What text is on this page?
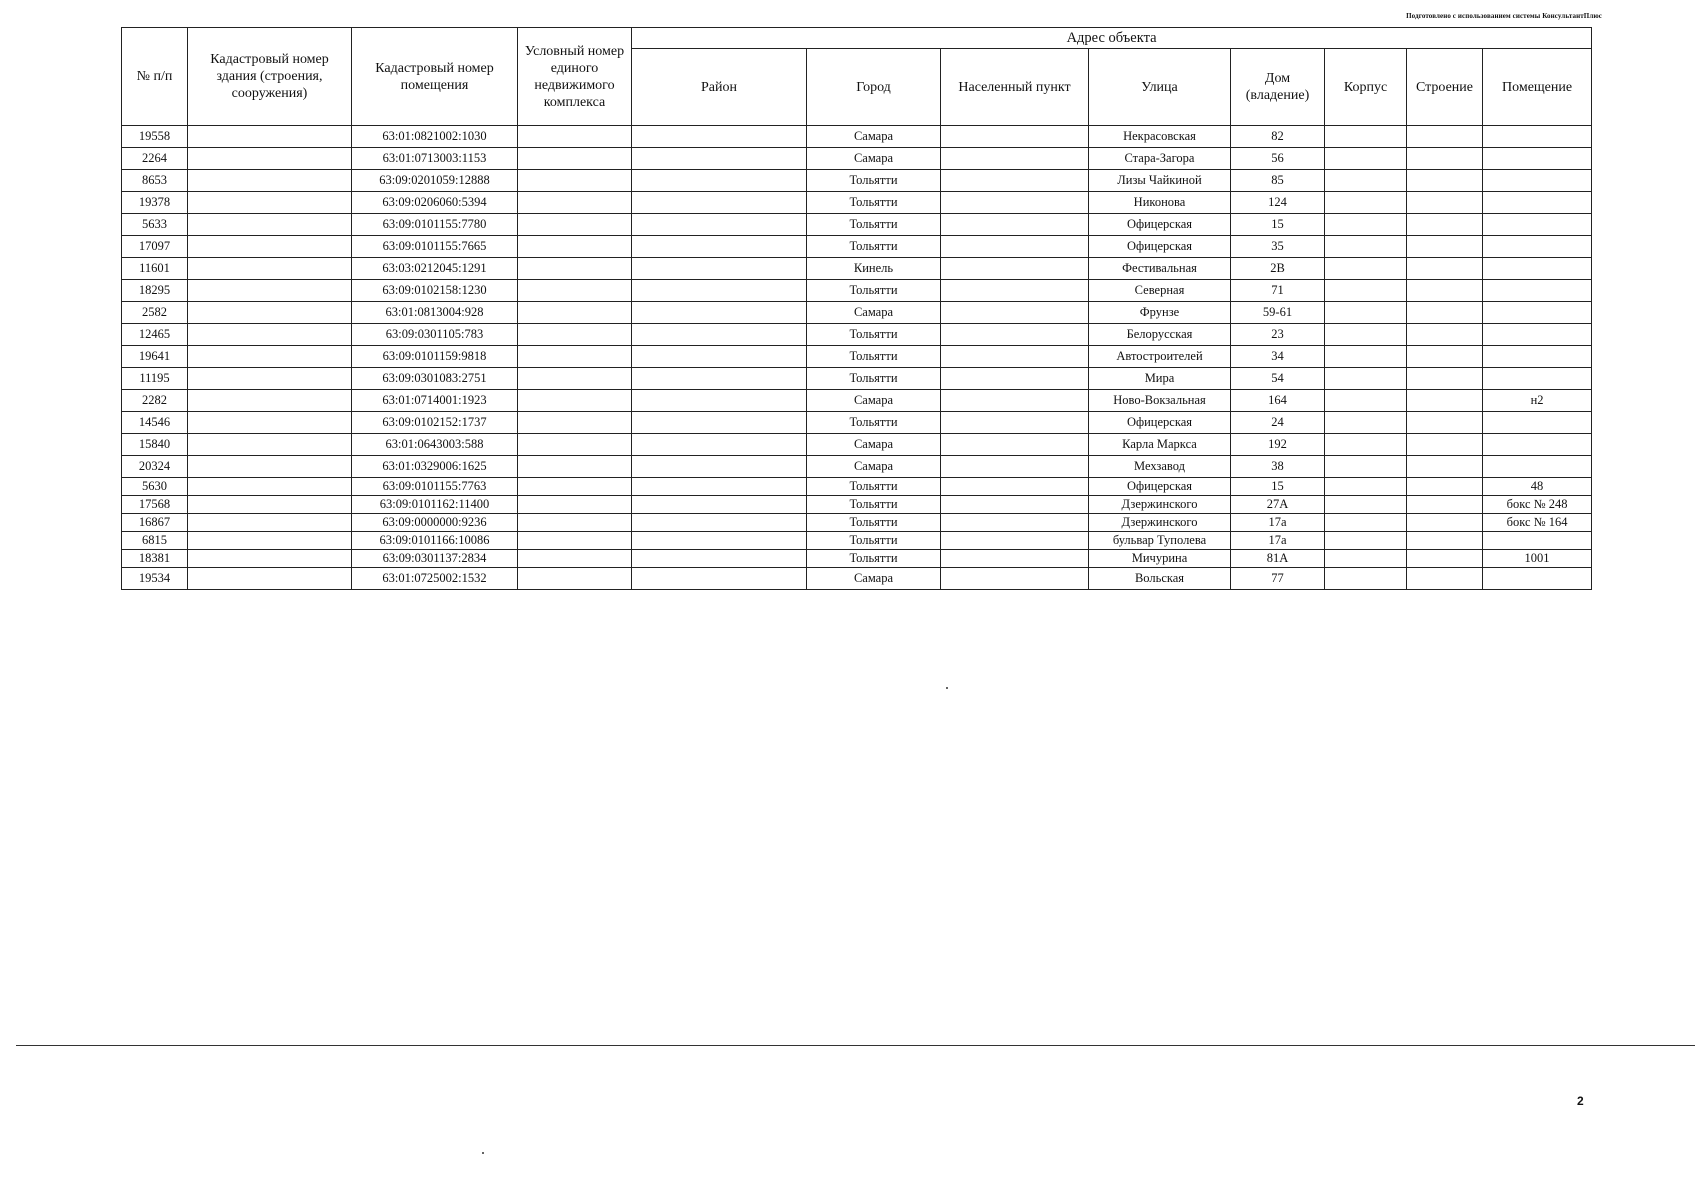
Подготовлено с использованием системы КонсультантПлюс
№ п/п	Кадастровый номер здания (строения, сооружения)	Кадастровый номер помещения	Условный номер единого недвижимого комплекса	Адрес объекта							
				Район	Город	Населенный пункт	Улица	Дом (владение)	Корпус	Строение	Помещение
19558		63:01:0821002:1030			Самара		Некрасовская	82			
2264		63:01:0713003:1153			Самара		Стара-Загора	56			
8653		63:09:0201059:12888			Тольятти		Лизы Чайкиной	85			
19378		63:09:0206060:5394			Тольятти		Никонова	124			
5633		63:09:0101155:7780			Тольятти		Офицерская	15			
17097		63:09:0101155:7665			Тольятти		Офицерская	35			
11601		63:03:0212045:1291			Кинель		Фестивальная	2В			
18295		63:09:0102158:1230			Тольятти		Северная	71			
2582		63:01:0813004:928			Самара		Фрунзе	59-61			
12465		63:09:0301105:783			Тольятти		Белорусская	23			
19641		63:09:0101159:9818			Тольятти		Автостроителей	34			
11195		63:09:0301083:2751			Тольятти		Мира	54			
2282		63:01:0714001:1923			Самара		Ново-Вокзальная	164			н2
14546		63:09:0102152:1737			Тольятти		Офицерская	24			
15840		63:01:0643003:588			Самара		Карла Маркса	192			
20324		63:01:0329006:1625			Самара		Мехзавод	38			
5630		63:09:0101155:7763			Тольятти		Офицерская	15			48
17568		63:09:0101162:11400			Тольятти		Дзержинского	27А			бокс № 248
16867		63:09:0000000:9236			Тольятти		Дзержинского	17а			бокс № 164
6815		63:09:0101166:10086			Тольятти		бульвар Туполева	17а			
18381		63:09:0301137:2834			Тольятти		Мичурина	81А			1001
19534		63:01:0725002:1532			Самара		Вольская	77			
2
